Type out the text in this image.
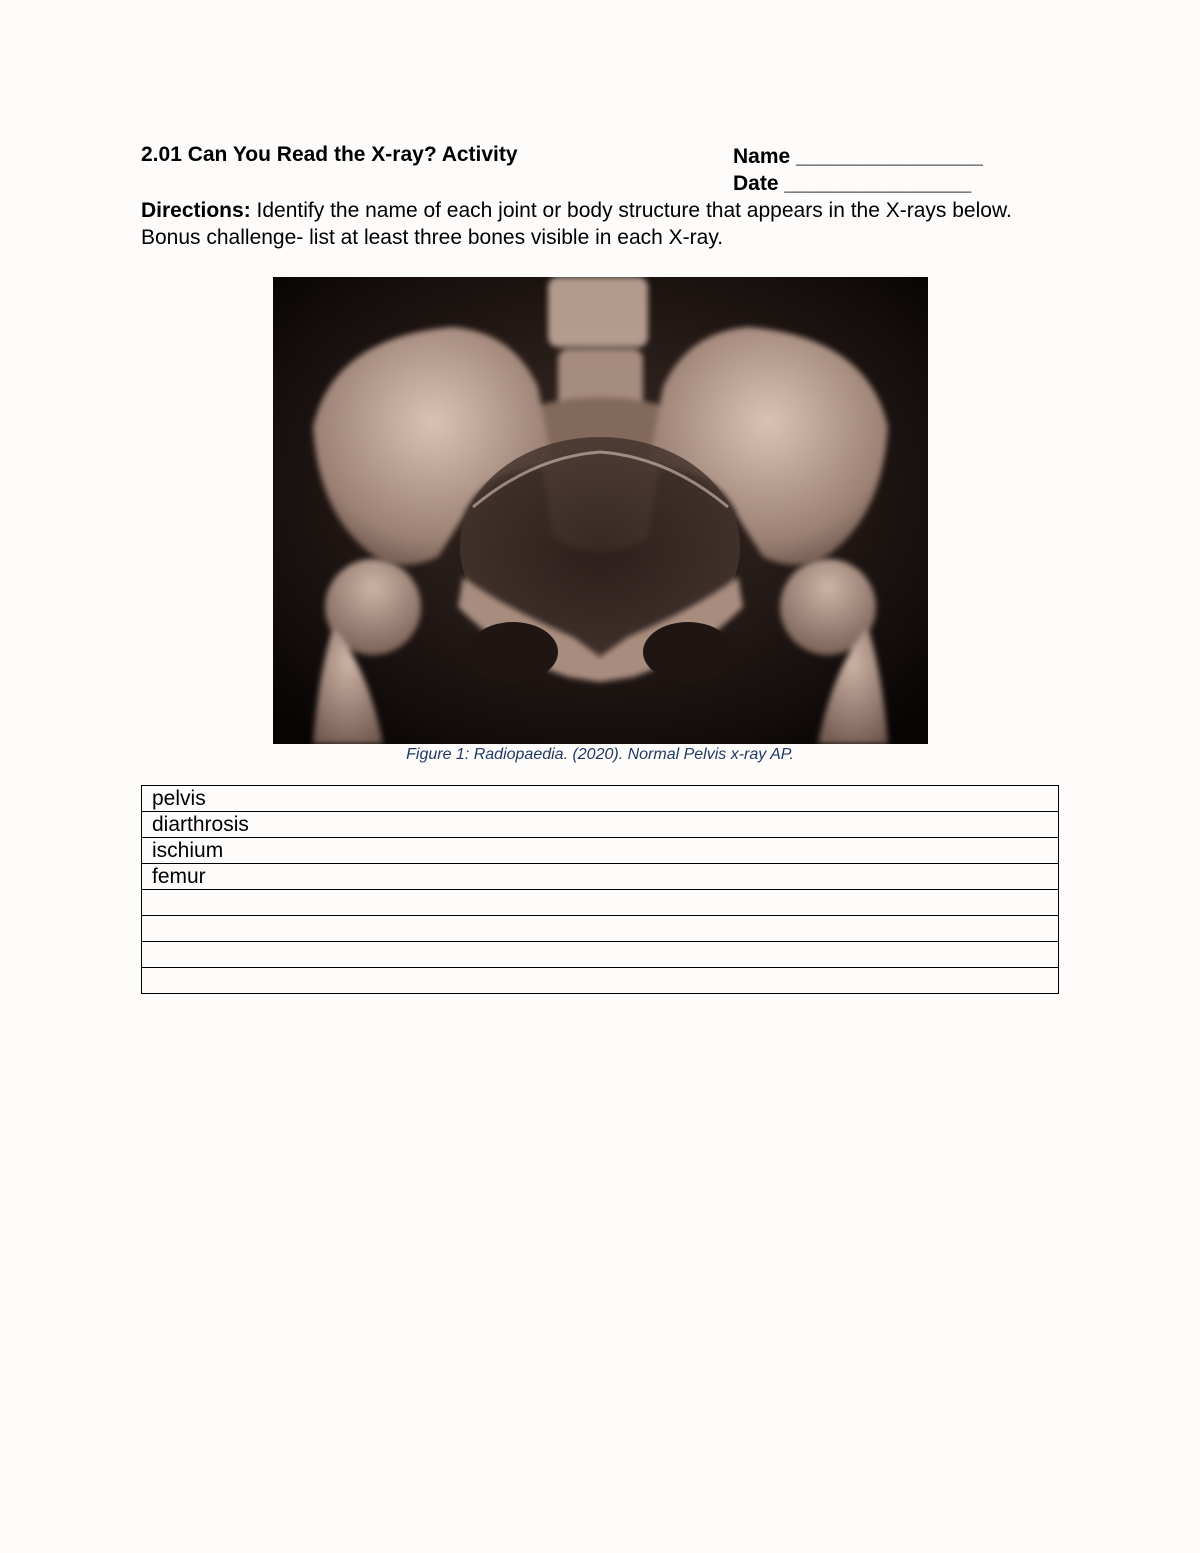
2.01 Can You Read the X-ray? Activity	Name ________________
Date ________________
Directions: Identify the name of each joint or body structure that appears in the X-rays below. Bonus challenge- list at least three bones visible in each X-ray.
Figure 1: Radiopaedia. (2020). Normal Pelvis x-ray AP.
pelvis
diarthrosis
ischium
femur
